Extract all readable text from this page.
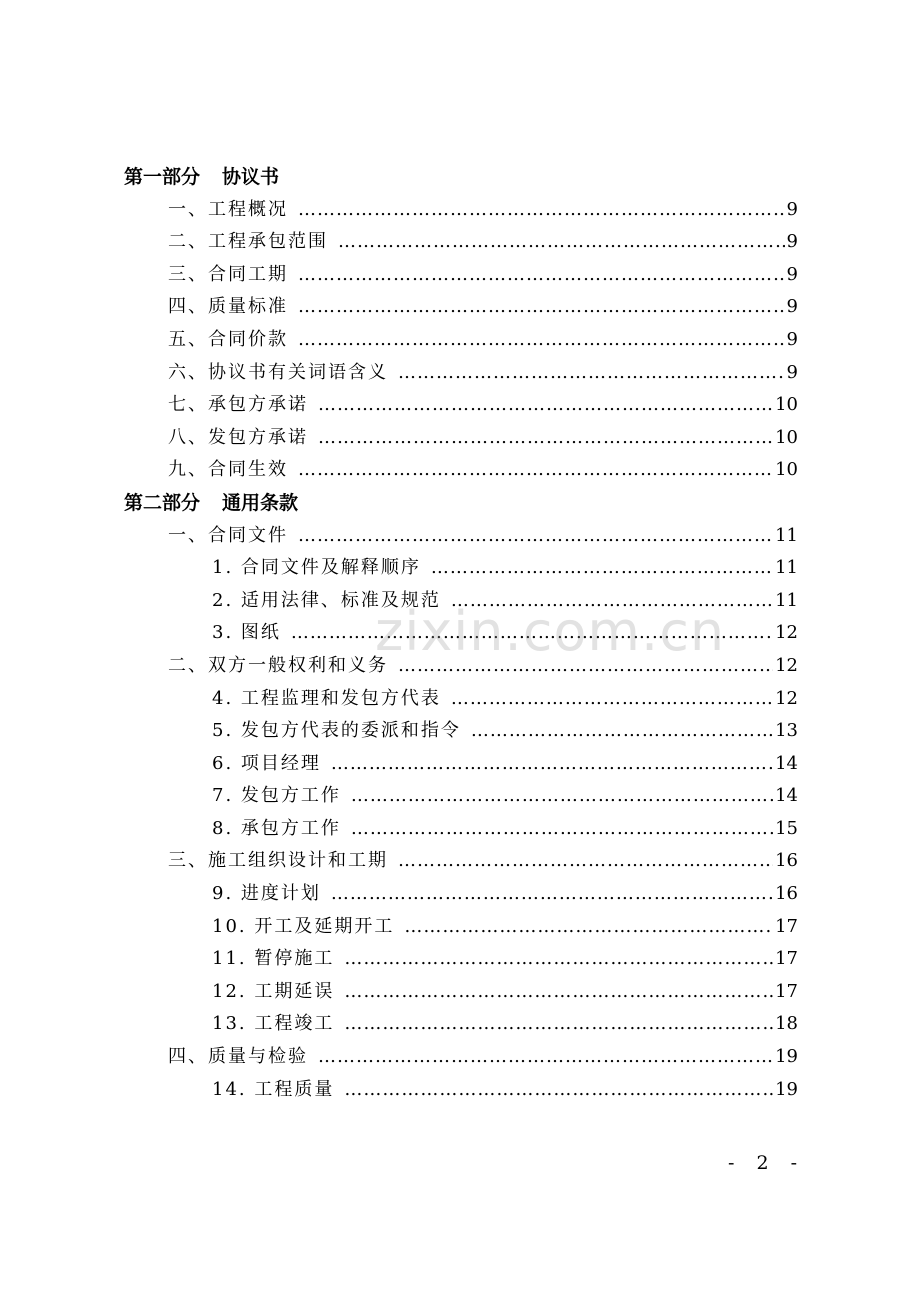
第一部分 协议书
一、工程概况 ……………………………………………………………………………………………………………………………………	9
二、工程承包范围 ……………………………………………………………………………………………………………………………………	9
三、合同工期 ……………………………………………………………………………………………………………………………………	9
四、质量标准 ……………………………………………………………………………………………………………………………………	9
五、合同价款 ……………………………………………………………………………………………………………………………………	9
六、协议书有关词语含义 ……………………………………………………………………………………………………………………………………	9
七、承包方承诺 ……………………………………………………………………………………………………………………………………	10
八、发包方承诺 ……………………………………………………………………………………………………………………………………	10
九、合同生效 ……………………………………………………………………………………………………………………………………	10
第二部分 通用条款
一、合同文件 ……………………………………………………………………………………………………………………………………	11
1. 合同文件及解释顺序 ……………………………………………………………………………………………………………………………………	11
2. 适用法律、标准及规范 ……………………………………………………………………………………………………………………………………	11
3. 图纸 ……………………………………………………………………………………………………………………………………	12
二、双方一般权利和义务 ……………………………………………………………………………………………………………………………………	12
4. 工程监理和发包方代表 ……………………………………………………………………………………………………………………………………	12
5. 发包方代表的委派和指令 ……………………………………………………………………………………………………………………………………	13
6. 项目经理 ……………………………………………………………………………………………………………………………………	14
7. 发包方工作 ……………………………………………………………………………………………………………………………………	14
8. 承包方工作 ……………………………………………………………………………………………………………………………………	15
三、施工组织设计和工期 ……………………………………………………………………………………………………………………………………	16
9. 进度计划 ……………………………………………………………………………………………………………………………………	16
10. 开工及延期开工 ……………………………………………………………………………………………………………………………………	17
11. 暂停施工 ……………………………………………………………………………………………………………………………………	17
12. 工期延误 ……………………………………………………………………………………………………………………………………	17
13. 工程竣工 ……………………………………………………………………………………………………………………………………	18
四、质量与检验 ……………………………………………………………………………………………………………………………………	19
14. 工程质量 ……………………………………………………………………………………………………………………………………	19
zixin.com.cn
- 2 -
